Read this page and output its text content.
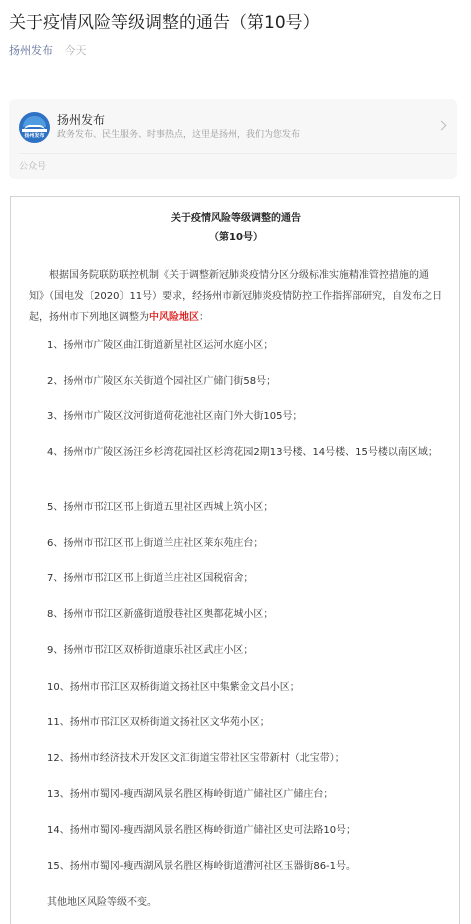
关于疫情风险等级调整的通告（第10号）
扬州发布 今天
扬州发布
扬州发布
政务发布、民生服务、时事热点，这里是扬州，我们为您发布
公众号
关于疫情风险等级调整的通告
（第10号）

根据国务院联防联控机制《关于调整新冠肺炎疫情分区分级标准实施精准管控措施的通知》（国电发〔2020〕11号）要求，经扬州市新冠肺炎疫情防控工作指挥部研究，自发布之日起，扬州市下列地区调整为中风险地区：

1、扬州市广陵区曲江街道新星社区运河水庭小区；

2、扬州市广陵区东关街道个园社区广储门街58号；

3、扬州市广陵区汶河街道荷花池社区南门外大街105号；

4、扬州市广陵区汤汪乡杉湾花园社区杉湾花园2期13号楼、14号楼、15号楼以南区域；

5、扬州市邗江区邗上街道五里社区西城上筑小区；

6、扬州市邗江区邗上街道兰庄社区莱东苑庄台；

7、扬州市邗江区邗上街道兰庄社区国税宿舍；

8、扬州市邗江区新盛街道殷巷社区奥都花城小区；

9、扬州市邗江区双桥街道康乐社区武庄小区；

10、扬州市邗江区双桥街道文扬社区中集紫金文昌小区；

11、扬州市邗江区双桥街道文扬社区文华苑小区；

12、扬州市经济技术开发区文汇街道宝带社区宝带新村（北宝带）；

13、扬州市蜀冈-瘦西湖风景名胜区梅岭街道广储社区广储庄台；

14、扬州市蜀冈-瘦西湖风景名胜区梅岭街道广储社区史可法路10号；

15、扬州市蜀冈-瘦西湖风景名胜区梅岭街道漕河社区玉器街86-1号。

其他地区风险等级不变。
